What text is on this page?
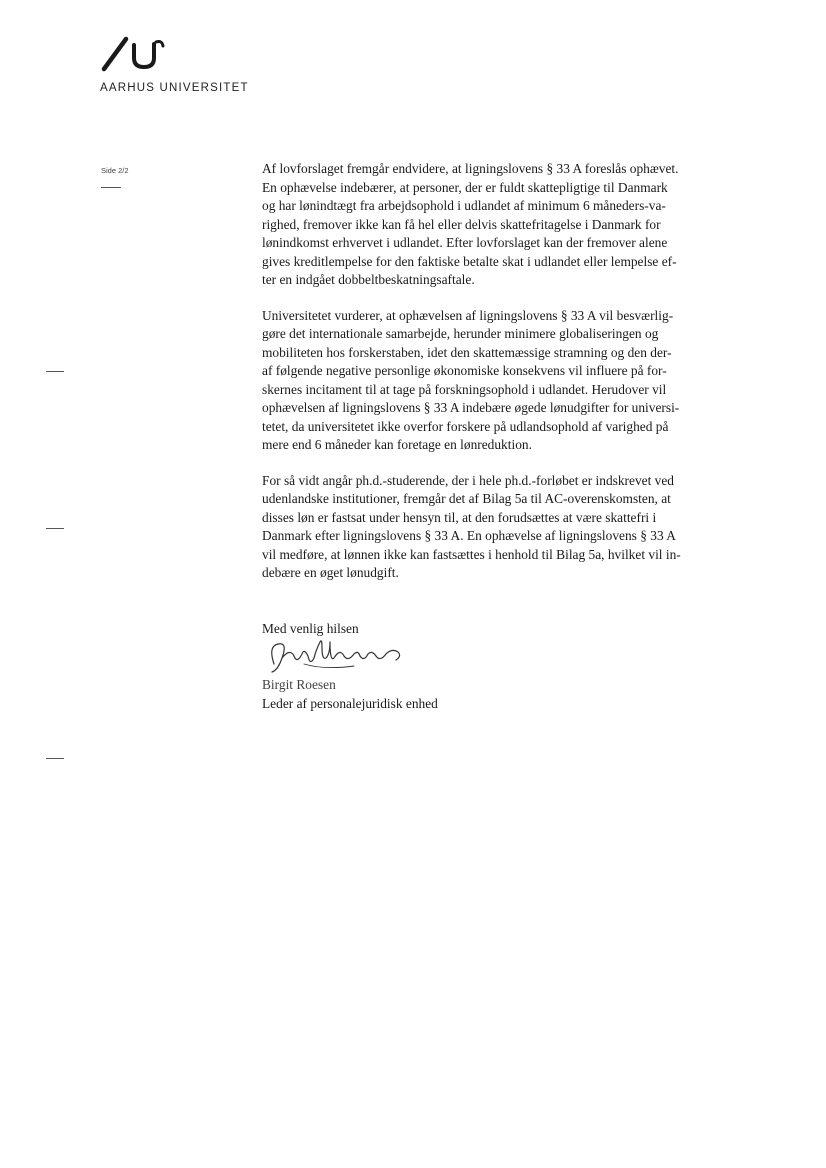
AARHUS UNIVERSITET
Side 2/2	Af lovforslaget fremgår endvidere, at ligningslovens § 33 A foreslås ophævet.
En ophævelse indebærer, at personer, der er fuldt skattepligtige til Danmark
og har lønindtægt fra arbejdsophold i udlandet af minimum 6 måneders-va-
righed, fremover ikke kan få hel eller delvis skattefritagelse i Danmark for
lønindkomst erhvervet i udlandet. Efter lovforslaget kan der fremover alene
gives kreditlempelse for den faktiske betalte skat i udlandet eller lempelse ef-
ter en indgået dobbeltbeskatningsaftale.

Universitetet vurderer, at ophævelsen af ligningslovens § 33 A vil besværlig-
gøre det internationale samarbejde, herunder minimere globaliseringen og
mobiliteten hos forskerstaben, idet den skattemæssige stramning og den der-
af følgende negative personlige økonomiske konsekvens vil influere på for-
skernes incitament til at tage på forskningsophold i udlandet. Herudover vil
ophævelsen af ligningslovens § 33 A indebære øgede lønudgifter for universi-
tetet, da universitetet ikke overfor forskere på udlandsophold af varighed på
mere end 6 måneder kan foretage en lønreduktion.

For så vidt angår ph.d.-studerende, der i hele ph.d.-forløbet er indskrevet ved
udenlandske institutioner, fremgår det af Bilag 5a til AC-overenskomsten, at
disses løn er fastsat under hensyn til, at den forudsættes at være skattefri i
Danmark efter ligningslovens § 33 A. En ophævelse af ligningslovens § 33 A
vil medføre, at lønnen ikke kan fastsættes i henhold til Bilag 5a, hvilket vil in-
debære en øget lønudgift.

Med venlig hilsen
Birgit Roesen
Leder af personalejuridisk enhed
